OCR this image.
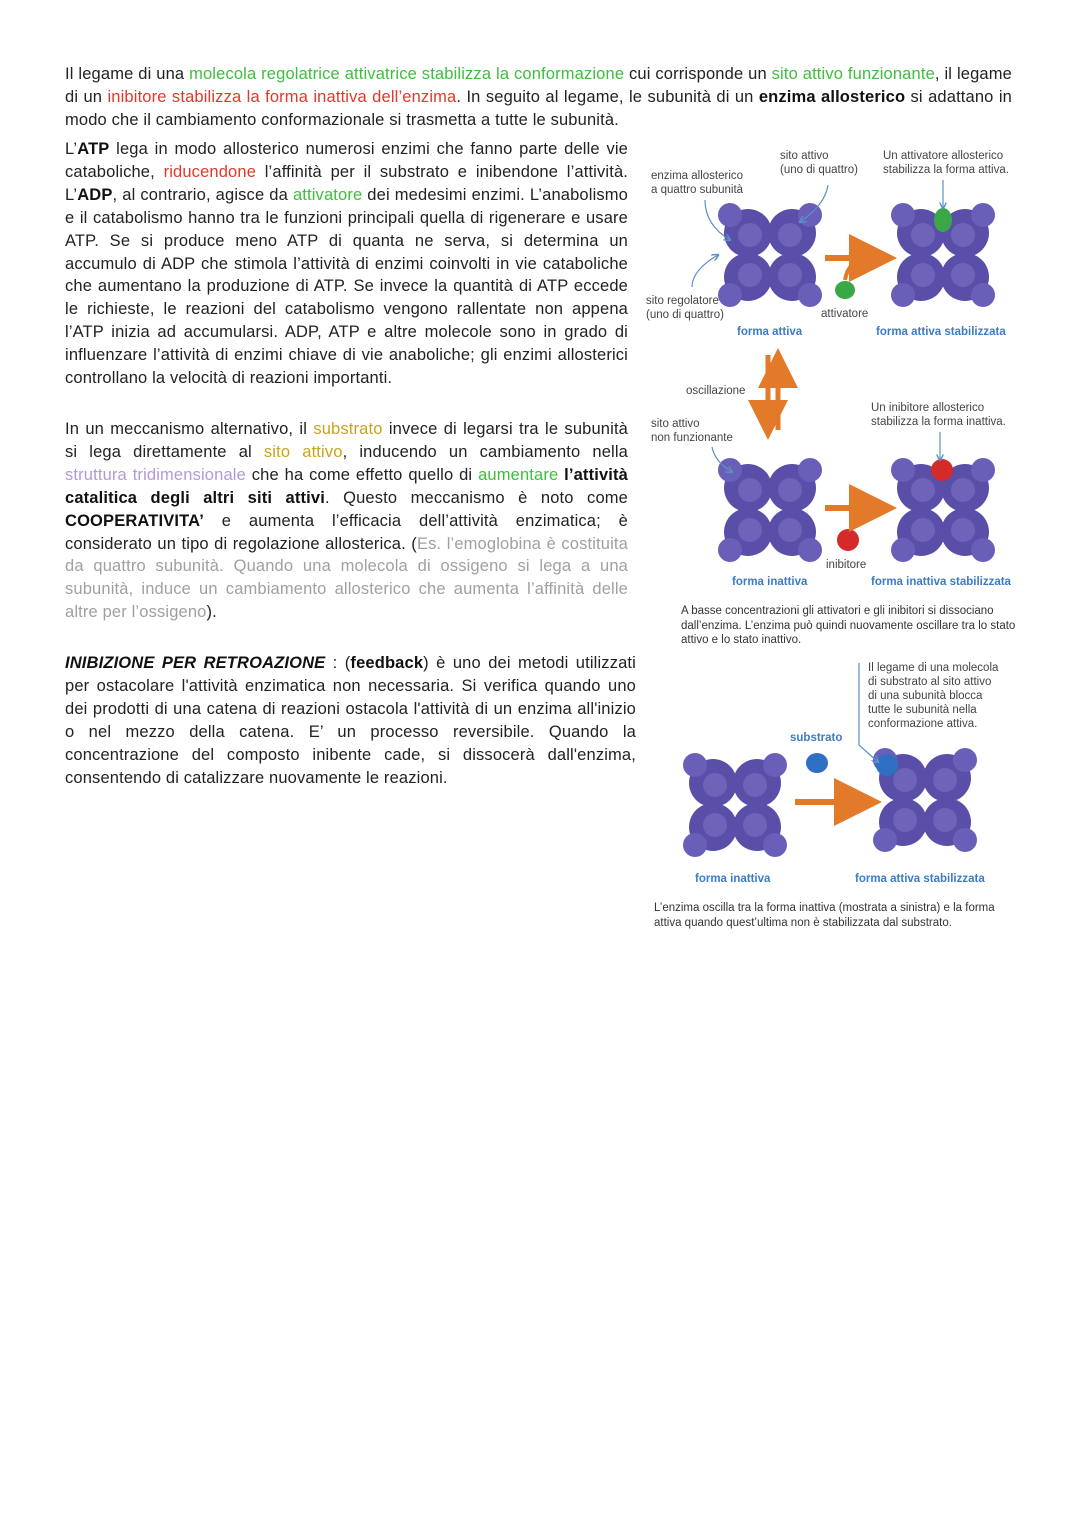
Il legame di una molecola regolatrice attivatrice stabilizza la conformazione cui corrisponde un sito attivo funzionante, il legame di un inibitore stabilizza la forma inattiva dell’enzima. In seguito al legame, le subunità di un enzima allosterico si adattano in modo che il cambiamento conformazionale si trasmetta a tutte le subunità.

L’ATP lega in modo allosterico numerosi enzimi che fanno parte delle vie cataboliche, riducendone l’affinità per il substrato e inibendone l’attività. L’ADP, al contrario, agisce da attivatore dei medesimi enzimi. L’anabolismo e il catabolismo hanno tra le funzioni principali quella di rigenerare e usare ATP. Se si produce meno ATP di quanta ne serva, si determina un accumulo di ADP che stimola l’attività di enzimi coinvolti in vie cataboliche che aumentano la produzione di ATP. Se invece la quantità di ATP eccede le richieste, le reazioni del catabolismo vengono rallentate non appena l’ATP inizia ad accumularsi. ADP, ATP e altre molecole sono in grado di influenzare l’attività di enzimi chiave di vie anaboliche; gli enzimi allosterici controllano la velocità di reazioni importanti.

In un meccanismo alternativo, il substrato invece di legarsi tra le subunità si lega direttamente al sito attivo, inducendo un cambiamento nella struttura tridimensionale che ha come effetto quello di aumentare l’attività catalitica degli altri siti attivi. Questo meccanismo è noto come COOPERATIVITA’ e aumenta l’efficacia dell’attività enzimatica; è considerato un tipo di regolazione allosterica. (Es. l’emoglobina è costituita da quattro subunità. Quando una molecola di ossigeno si lega a una subunità, induce un cambiamento allosterico che aumenta l’affinità delle altre per l’ossigeno).

INIBIZIONE PER RETROAZIONE : (feedback) è uno dei metodi utilizzati per ostacolare l'attività enzimatica non necessaria. Si verifica quando uno dei prodotti di una catena di reazioni ostacola l'attività di un enzima all'inizio o nel mezzo della catena. E’ un processo reversibile. Quando la concentrazione del composto inibente cade, si dissocerà dall'enzima, consentendo di catalizzare nuovamente le reazioni.

enzima allosterico
a quattro subunità
sito attivo
(uno di quattro)
Un attivatore allosterico
stabilizza la forma attiva.
sito regolatore
(uno di quattro)	attivatore
forma attiva	forma attiva stabilizzata
oscillazione
sito attivo
non funzionante
Un inibitore allosterico
stabilizza la forma inattiva.
inibitore
forma inattiva	forma inattiva stabilizzata
A basse concentrazioni gli attivatori e gli inibitori si dissociano dall’enzima. L’enzima può quindi nuovamente oscillare tra lo stato attivo e lo stato inattivo.
Il legame di una molecola
di substrato al sito attivo
di una subunità blocca
tutte le subunità nella
conformazione attiva.
substrato
forma inattiva	forma attiva stabilizzata
L’enzima oscilla tra la forma inattiva (mostrata a sinistra) e la forma attiva quando quest’ultima non è stabilizzata dal substrato.
